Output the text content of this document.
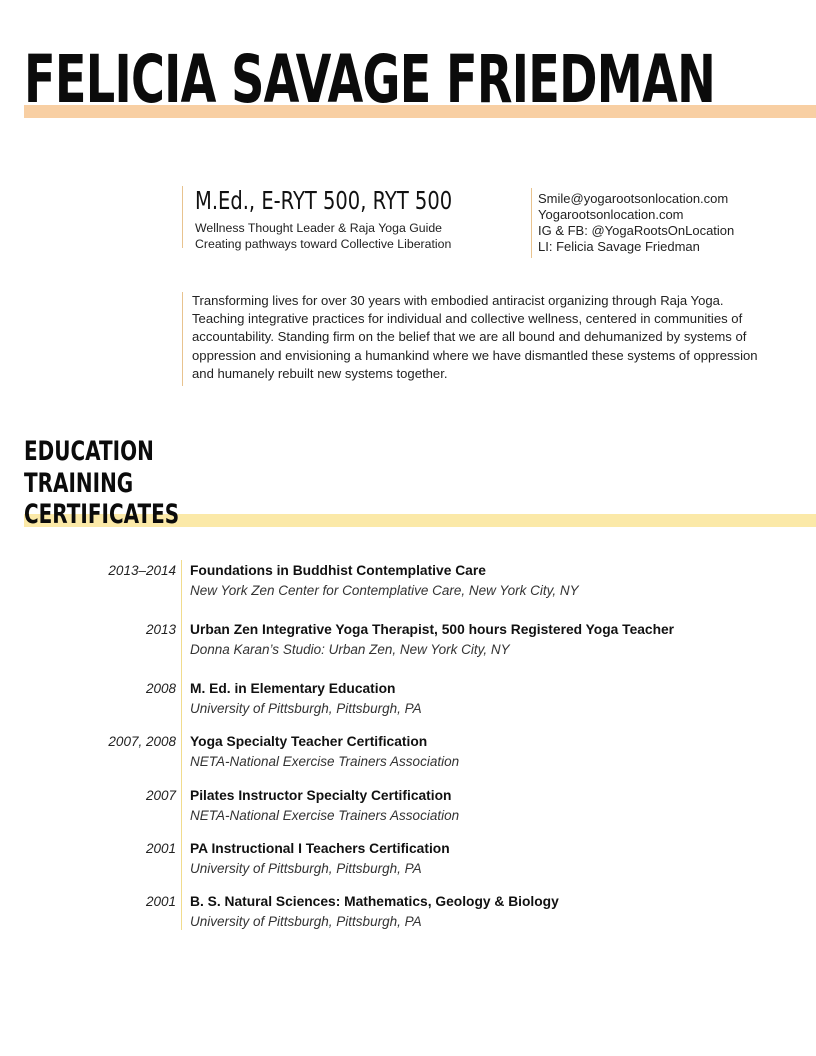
FELICIA SAVAGE FRIEDMAN
M.Ed., E-RYT 500, RYT 500
Wellness Thought Leader & Raja Yoga Guide
Creating pathways toward Collective Liberation
Smile@yogarootsonlocation.com
Yogarootsonlocation.com
IG & FB: @YogaRootsOnLocation
LI: Felicia Savage Friedman

Transforming lives for over 30 years with embodied antiracist organizing through Raja Yoga. Teaching integrative practices for individual and collective wellness, centered in communities of accountability. Standing firm on the belief that we are all bound and dehumanized by systems of oppression and envisioning a humankind where we have dismantled these systems of oppression and humanely rebuilt new systems together.

EDUCATION
TRAINING
CERTIFICATES
2013–2014 Foundations in Buddhist Contemplative Care
New York Zen Center for Contemplative Care, New York City, NY
2013 Urban Zen Integrative Yoga Therapist, 500 hours Registered Yoga Teacher
Donna Karan’s Studio: Urban Zen, New York City, NY
2008 M. Ed. in Elementary Education
University of Pittsburgh, Pittsburgh, PA
2007, 2008 Yoga Specialty Teacher Certification
NETA-National Exercise Trainers Association
2007 Pilates Instructor Specialty Certification
NETA-National Exercise Trainers Association
2001 PA Instructional I Teachers Certification
University of Pittsburgh, Pittsburgh, PA
2001 B. S. Natural Sciences: Mathematics, Geology & Biology
University of Pittsburgh, Pittsburgh, PA
